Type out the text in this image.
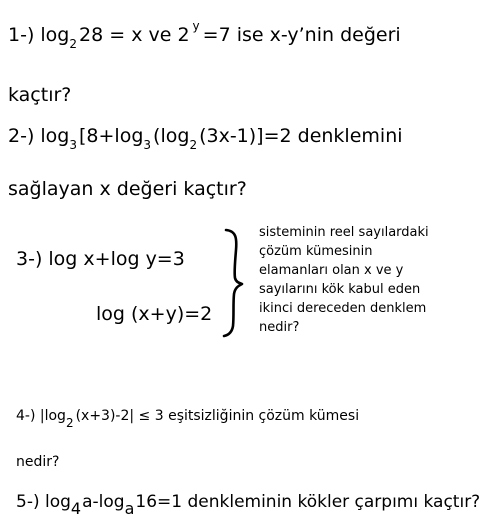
1-) $\log_2 28 = x$ ve 2 $^y$ =7 ise x-y’nin değeri
kaçtır?
2-) $\log_3 [8+\log_3$ ($\log_2$ (3x-1)]=2 denklemini
sağlayan x değeri kaçtır?
3-) log x+log y=3
log (x+y)=2
sisteminin reel sayılardaki
çözüm kümesinin
elamanları olan x ve y
sayılarını kök kabul eden
ikinci dereceden denklem
nedir?
4-) |log2 (x+3)-2| ≤ 3 eşitsizliğinin çözüm kümesi
nedir?
5-) log4a-loga16=1 denkleminin kökler çarpımı kaçtır?
